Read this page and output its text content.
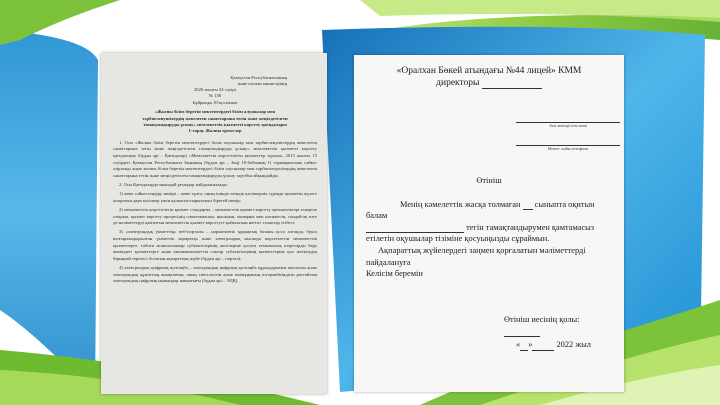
Қазақстан Республикасының
және ғылым министрінің
2020 жылғы 24 сәуірі
№ 158
Бұйрыққа 10-қосымша
«Жалпы білім беретін мектептердегі білім алушылар мен
тәрбиеленушілердің жекелеген санаттарына тегін және жеңілдетілген
тамақтандыруды ұсыну» мемлекеттік қызметті көрсету қағидалары
1-тарау. Жалпы ережелер

1. Осы «Жалпы білім беретін мектептердегі білім алушылар мен тәрбиеленушілердің жекелеген санаттарына тегін және жеңілдетілген тамақтандыруды ұсыну» мемлекеттік қызметті көрсету қағидалары (бұдан әрі – Қағидалар) «Мемлекеттік көрсетілетін қызметтер туралы» 2013 жылғы 15 сәуірдегі Қазақстан Республикасы Заңының (бұдан әрі – Заң) 10-бабының 1) тармақшасына сәйкес әзірленді және жалпы білім беретін мектептердегі білім алушылар мен тәрбиеленушілердің жекелеген санаттарына тегін және жеңілдетілген тамақтандыруды ұсыну тәртібін айқындайды.

2. Осы Қағидаларда мынадай ұғымдар пайдаланылады:

1) жеке сәйкестендіру нөмірі – жеке тұлға, оның ішінде өзіндік кәсіпкерлік түрінде қызметін жүзеге асыратын дара кәсіпкер үшін қалыптастырылатын бірегей нөмір;

2) мемлекеттік көрсетілетін қызмет стандарты – мемлекеттік қызмет көрсету ерекшеліктері ескеріле отырып, қызмет көрсету процесінің сипаттамасын, нысанын, мазмұны мен нәтижесін, сондай-ақ өзге де мәліметтерді қамтитын мемлекеттік қызмет көрсетуге қойылатын негізгі талаптар тізбесі;

3) «электрондық үкіметтің» веб-порталы – нормативтік құқықтық базаны қоса алғанда, бүкіл шоғырландырылған үкіметтік ақпаратқа және электрондық нысанда көрсетілетін мемлекеттік қызметтерге, табиғи монополиялар субъектілерінің желілеріне қосуға техникалық шарттарды беру жөніндегі қызметтерге және квазимемлекеттік сектор субъектілерінің қызметтеріне қол жеткізудің бірыңғай терезесі болатын ақпараттық жүйе (бұдан әрі – портал);

4) электрондық цифрлық қолтаңба – электрондық цифрлық қолтаңба құралдарымен жасалған және электрондық құжаттың анықтығын, оның тиесілілігін және мазмұнының өзгермейтіндігін растайтын электрондық цифрлық нышандар жиынтығы (бұдан әрі – ЭЦҚ).

«Оралхан Бөкей атындағы №44 лицей» КММ

директоры

Аты-жөніңіз аты-жөні
Мекен- жайы,телефоны

Өтініш

Менің кәмелеттік жасқа толмаған сыныпта оқитын балам

тегін тамақтандырумен қамтамасыз

етілетін оқушылар тізіміне қосуыңызды сұраймын.

Ақпараттық жүйелердегі заңмен қорғалатын мәліметтерді пайдалануға

Келісім беремін

Өтініш иесінің қолы:

« »	2022 жыл
